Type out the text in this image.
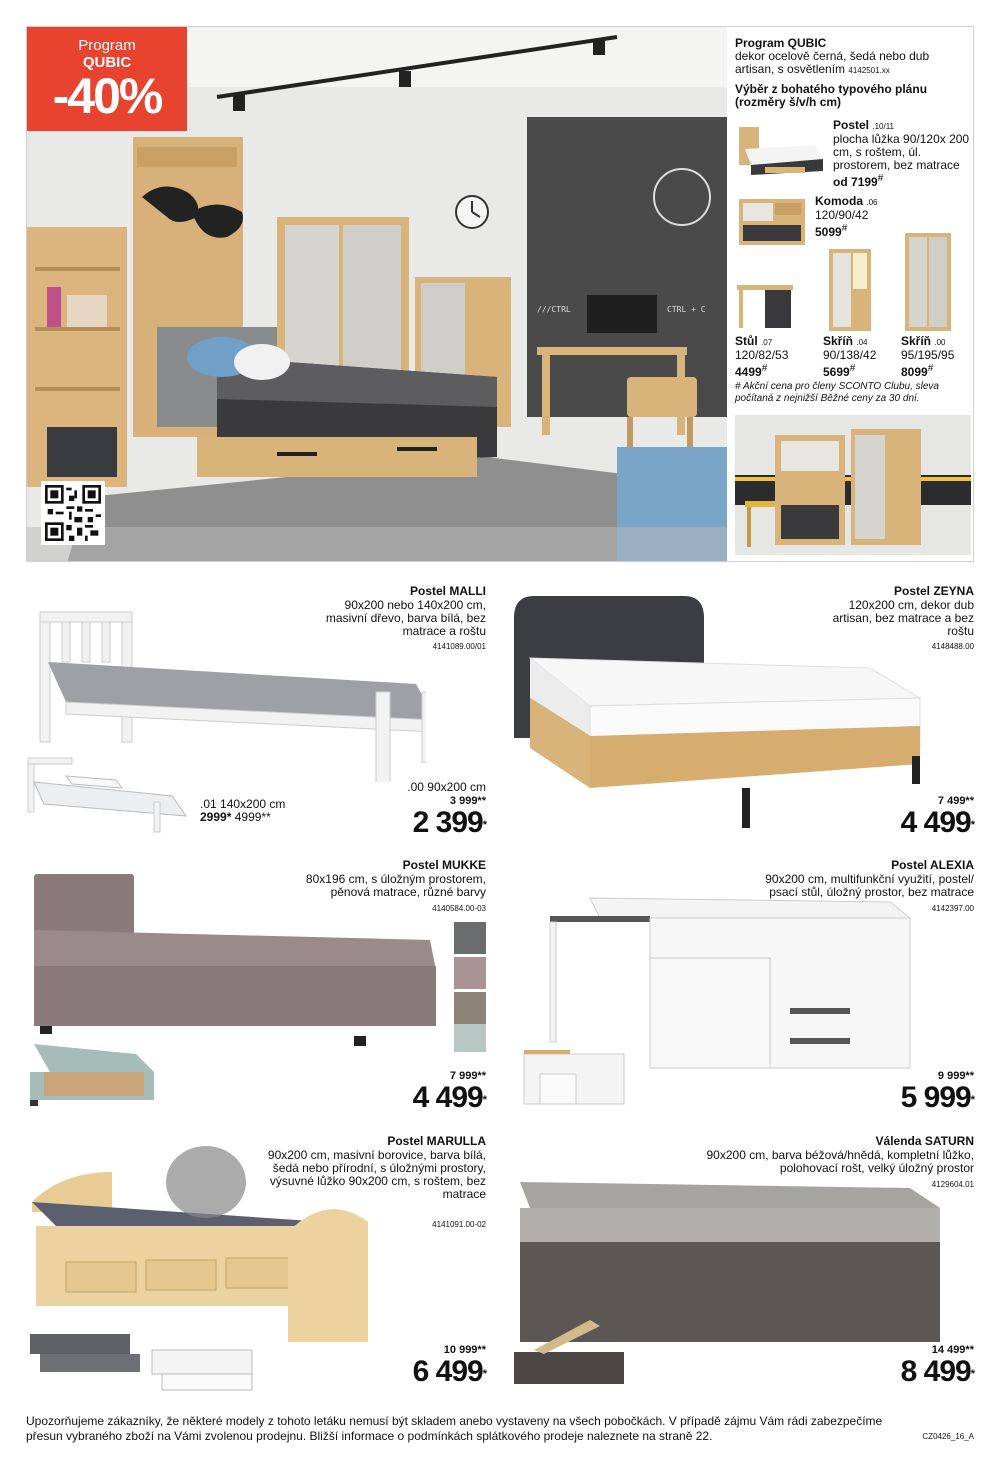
///CTRL	CTRL + C
Program
QUBIC
-40%
Program QUBIC
dekor ocelově černá, šedá nebo dub artisan, s osvětlením 4142501.xx
Výběr z bohatého typového plánu (rozměry š/v/h cm)
Postel .10/11
plocha lůžka 90/120x 200 cm, s roštem, úl. prostorem, bez matrace od 7199#
Komoda .06
120/90/42
5099#
Stůl .07
120/82/53
4499#
Skříň .04
90/138/42
5699#
Skříň .00
95/195/95
8099#
# Akční cena pro členy SCONTO Clubu, sleva počítaná z nejnižší Běžné ceny za 30 dní.
Postel MALLI
90x200 nebo 140x200 cm, masivní dřevo, barva bílá, bez matrace a roštu
4141089.00/01
.01 140x200 cm
2999* 4999**
.00 90x200 cm
3 999**
2 399*
Postel ZEYNA
120x200 cm, dekor dub artisan, bez matrace a bez roštu
4148488.00
7 499**
4 499*
Postel MUKKE
80x196 cm, s úložným prostorem, pěnová matrace, různé barvy
4140584.00-03
7 999**
4 499*
Postel ALEXIA
90x200 cm, multifunkční využití, postel/ psací stůl, úložný prostor, bez matrace
4142397.00
9 999**
5 999*
Postel MARULLA
90x200 cm, masivní borovice, barva bílá, šedá nebo přírodní, s úložnými prostory, výsuvné lůžko 90x200 cm, s roštem, bez matrace
4141091.00-02
10 999**
6 499*
Válenda SATURN
90x200 cm, barva béžová/hnědá, kompletní lůžko, polohovací rošt, velký úložný prostor
4129604.01
14 499**
8 499*

Upozorňujeme zákazníky, že některé modely z tohoto letáku nemusí být skladem anebo vystaveny na všech pobočkách. V případě zájmu Vám rádi zabezpečíme přesun vybraného zboží na Vámi zvolenou prodejnu. Bližší informace o podmínkách splátkového prodeje naleznete na straně 22.	CZ0426_16_A
